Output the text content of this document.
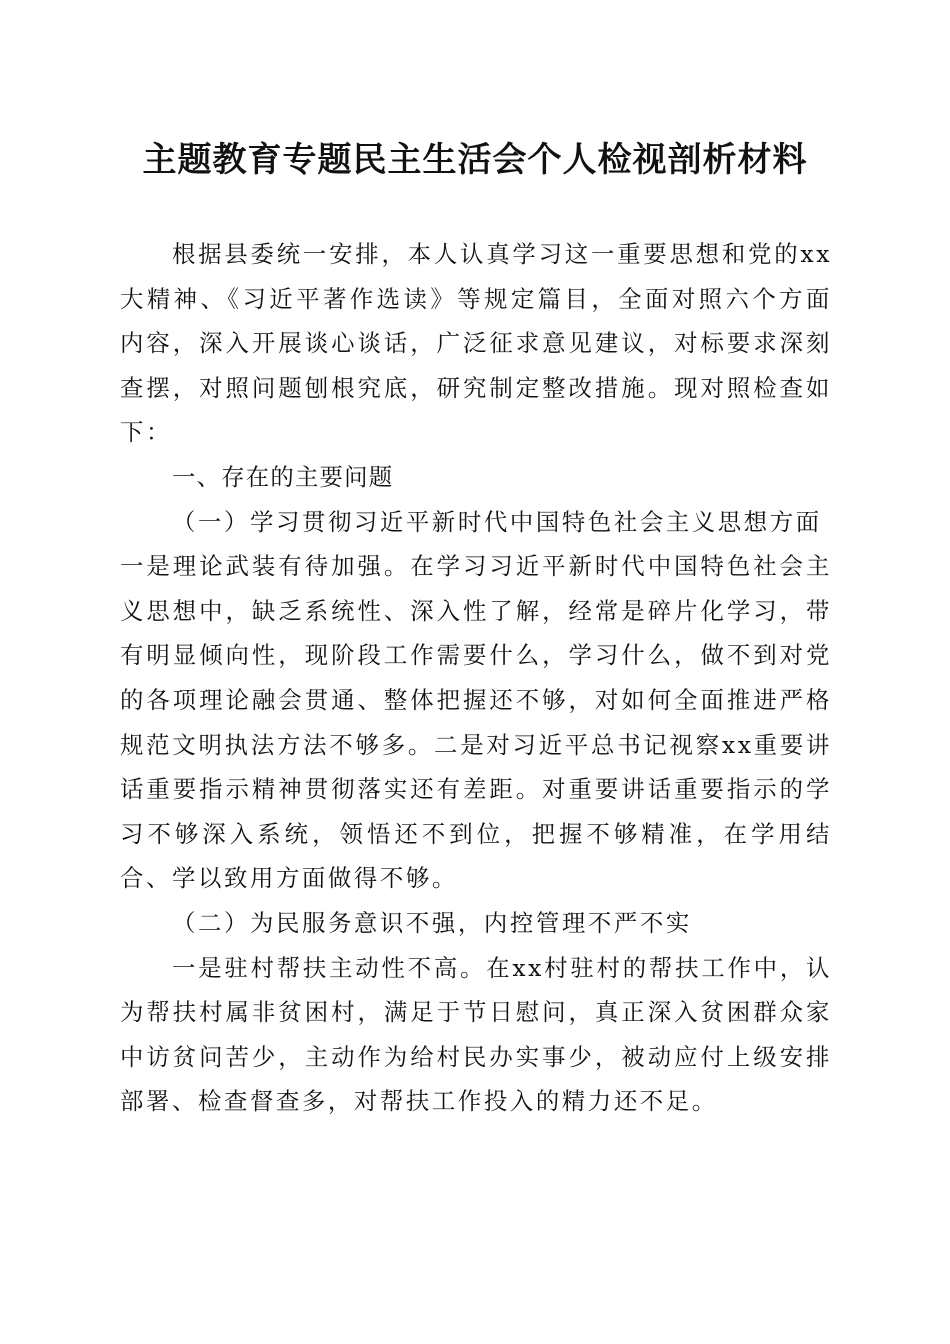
主题教育专题民主生活会个人检视剖析材料

根据县委统一安排，本人认真学习这一重要思想和党的xx大精神、《习近平著作选读》等规定篇目，全面对照六个方面内容，深入开展谈心谈话，广泛征求意见建议，对标要求深刻查摆，对照问题刨根究底，研究制定整改措施。现对照检查如下：

一、存在的主要问题

（一）学习贯彻习近平新时代中国特色社会主义思想方面

一是理论武装有待加强。在学习习近平新时代中国特色社会主义思想中，缺乏系统性、深入性了解，经常是碎片化学习，带有明显倾向性，现阶段工作需要什么，学习什么，做不到对党的各项理论融会贯通、整体把握还不够，对如何全面推进严格规范文明执法方法不够多。二是对习近平总书记视察xx重要讲话重要指示精神贯彻落实还有差距。对重要讲话重要指示的学习不够深入系统，领悟还不到位，把握不够精准，在学用结合、学以致用方面做得不够。

（二）为民服务意识不强，内控管理不严不实

一是驻村帮扶主动性不高。在xx村驻村的帮扶工作中，认为帮扶村属非贫困村，满足于节日慰问，真正深入贫困群众家中访贫问苦少，主动作为给村民办实事少，被动应付上级安排部署、检查督查多，对帮扶工作投入的精力还不足。
